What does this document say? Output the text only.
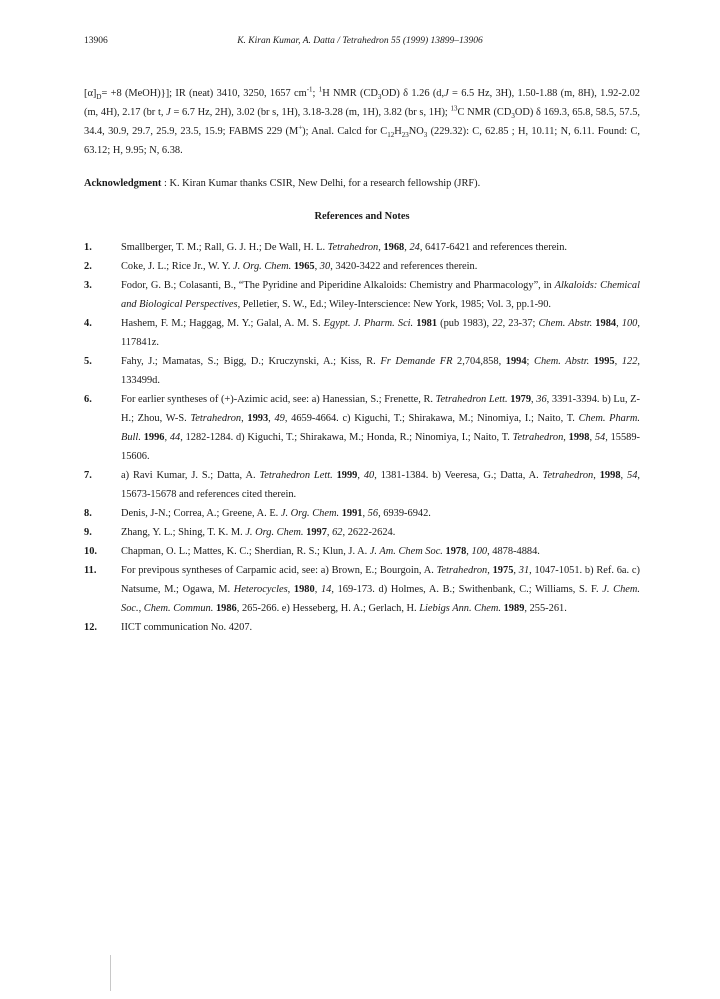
13906	K. Kiran Kumar, A. Datta / Tetrahedron 55 (1999) 13899–13906

$[\alpha]_D= +8$ (MeOH)}]; IR (neat) 3410, 3250, 1657 $cm^{-1}$; $^1$H NMR $(CD_3OD)$ δ 1.26 (d,J = 6.5 Hz, 3H), 1.50-1.88 (m, 8H), 1.92-2.02 (m, 4H), 2.17 (br t, J = 6.7 Hz, 2H), 3.02 (br s, 1H), 3.18-3.28 (m, 1H), 3.82 (br s, 1H); $^{13}$C NMR $(CD_3OD)$ δ 169.3, 65.8, 58.5, 57.5, 34.4, 30.9, 29.7, 25.9, 23.5, 15.9; FABMS 229 (M+); Anal. Calcd for $C_{12}H_{23}NO_3$ (229.32): C, 62.85 ; H, 10.11; N, 6.11. Found: C, 63.12; H, 9.95; N, 6.38.

Acknowledgment : K. Kiran Kumar thanks CSIR, New Delhi, for a research fellowship (JRF).

References and Notes
1.	Smallberger, T. M.; Rall, G. J. H.; De Wall, H. L. Tetrahedron, 1968, 24, 6417-6421 and references therein.
2.	Coke, J. L.; Rice Jr., W. Y. J. Org. Chem. 1965, 30, 3420-3422 and references therein.
3.	Fodor, G. B.; Colasanti, B., “The Pyridine and Piperidine Alkaloids: Chemistry and Pharmacology”, in Alkaloids: Chemical and Biological Perspectives, Pelletier, S. W., Ed.; Wiley-Interscience: New York, 1985; Vol. 3, pp.1-90.
4.	Hashem, F. M.; Haggag, M. Y.; Galal, A. M. S. Egypt. J. Pharm. Sci. 1981 (pub 1983), 22, 23-37; Chem. Abstr. 1984, 100, 117841z.
5.	Fahy, J.; Mamatas, S.; Bigg, D.; Kruczynski, A.; Kiss, R. Fr Demande FR 2,704,858, 1994; Chem. Abstr. 1995, 122, 133499d.
6.	For earlier syntheses of (+)-Azimic acid, see: a) Hanessian, S.; Frenette, R. Tetrahedron Lett. 1979, 36, 3391-3394. b) Lu, Z-H.; Zhou, W-S. Tetrahedron, 1993, 49, 4659-4664. c) Kiguchi, T.; Shirakawa, M.; Ninomiya, I.; Naito, T. Chem. Pharm. Bull. 1996, 44, 1282-1284. d) Kiguchi, T.; Shirakawa, M.; Honda, R.; Ninomiya, I.; Naito, T. Tetrahedron, 1998, 54, 15589-15606.
7.	a) Ravi Kumar, J. S.; Datta, A. Tetrahedron Lett. 1999, 40, 1381-1384. b) Veeresa, G.; Datta, A. Tetrahedron, 1998, 54, 15673-15678 and references cited therein.
8.	Denis, J-N.; Correa, A.; Greene, A. E. J. Org. Chem. 1991, 56, 6939-6942.
9.	Zhang, Y. L.; Shing, T. K. M. J. Org. Chem. 1997, 62, 2622-2624.
10.	Chapman, O. L.; Mattes, K. C.; Sherdian, R. S.; Klun, J. A. J. Am. Chem Soc. 1978, 100, 4878-4884.
11.	For previpous syntheses of Carpamic acid, see: a) Brown, E.; Bourgoin, A. Tetrahedron, 1975, 31, 1047-1051. b) Ref. 6a. c) Natsume, M.; Ogawa, M. Heterocycles, 1980, 14, 169-173. d) Holmes, A. B.; Swithenbank, C.; Williams, S. F. J. Chem. Soc., Chem. Commun. 1986, 265-266. e) Hesseberg, H. A.; Gerlach, H. Liebigs Ann. Chem. 1989, 255-261.
12.	IICT communication No. 4207.
